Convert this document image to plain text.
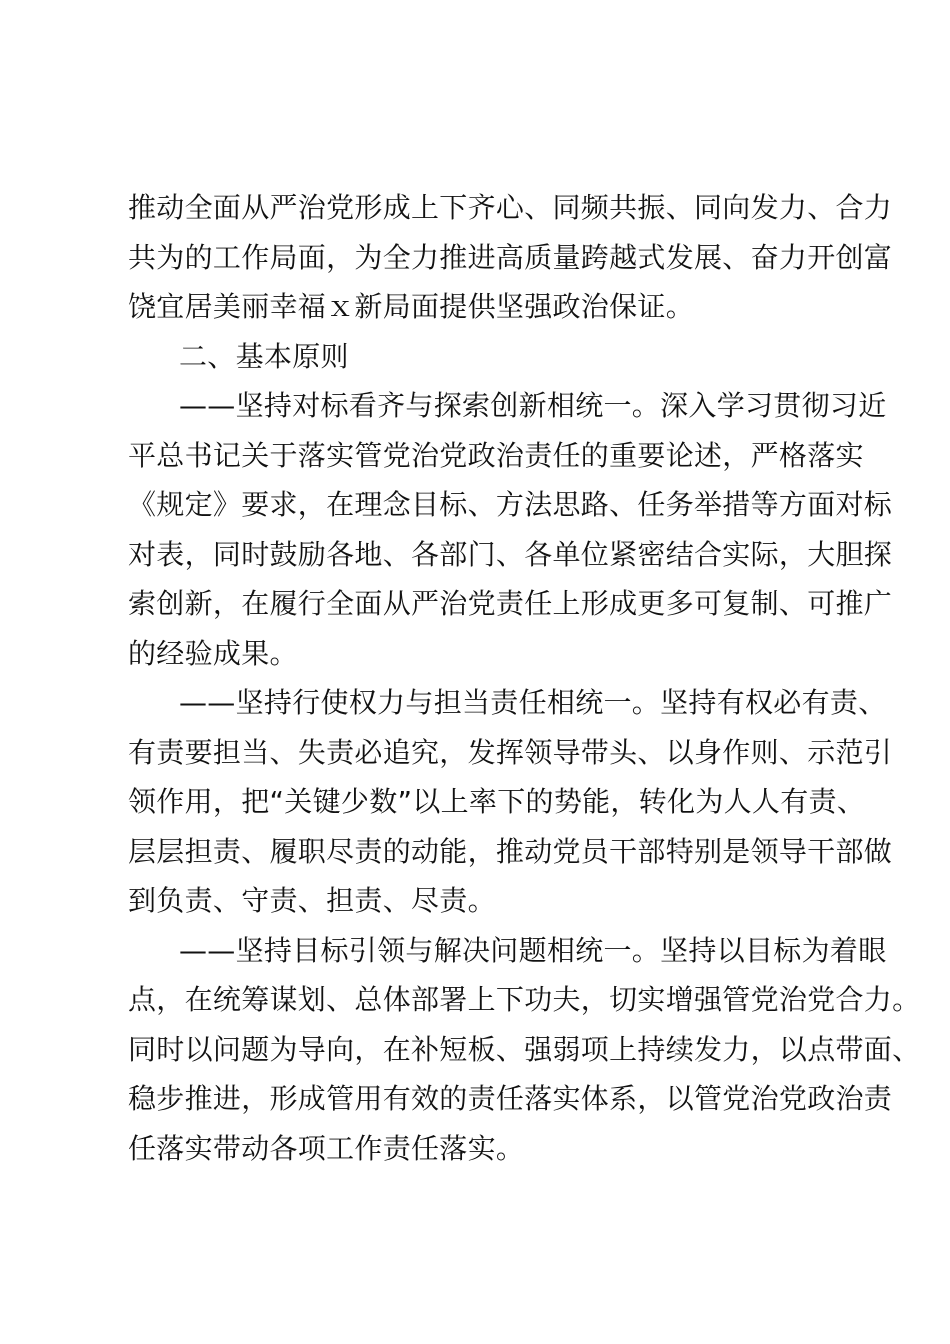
推动全面从严治党形成上下齐心、同频共振、同向发力、合力
共为的工作局面，为全力推进高质量跨越式发展、奋力开创富
饶宜居美丽幸福ｘ新局面提供坚强政治保证。
二、基本原则
——坚持对标看齐与探索创新相统一。深入学习贯彻习近
平总书记关于落实管党治党政治责任的重要论述，严格落实
《规定》要求，在理念目标、方法思路、任务举措等方面对标
对表，同时鼓励各地、各部门、各单位紧密结合实际，大胆探
索创新，在履行全面从严治党责任上形成更多可复制、可推广
的经验成果。
——坚持行使权力与担当责任相统一。坚持有权必有责、
有责要担当、失责必追究，发挥领导带头、以身作则、示范引
领作用，把“关键少数”以上率下的势能，转化为人人有责、
层层担责、履职尽责的动能，推动党员干部特别是领导干部做
到负责、守责、担责、尽责。
——坚持目标引领与解决问题相统一。坚持以目标为着眼
点，在统筹谋划、总体部署上下功夫，切实增强管党治党合力。
同时以问题为导向，在补短板、强弱项上持续发力，以点带面、
稳步推进，形成管用有效的责任落实体系，以管党治党政治责
任落实带动各项工作责任落实。
